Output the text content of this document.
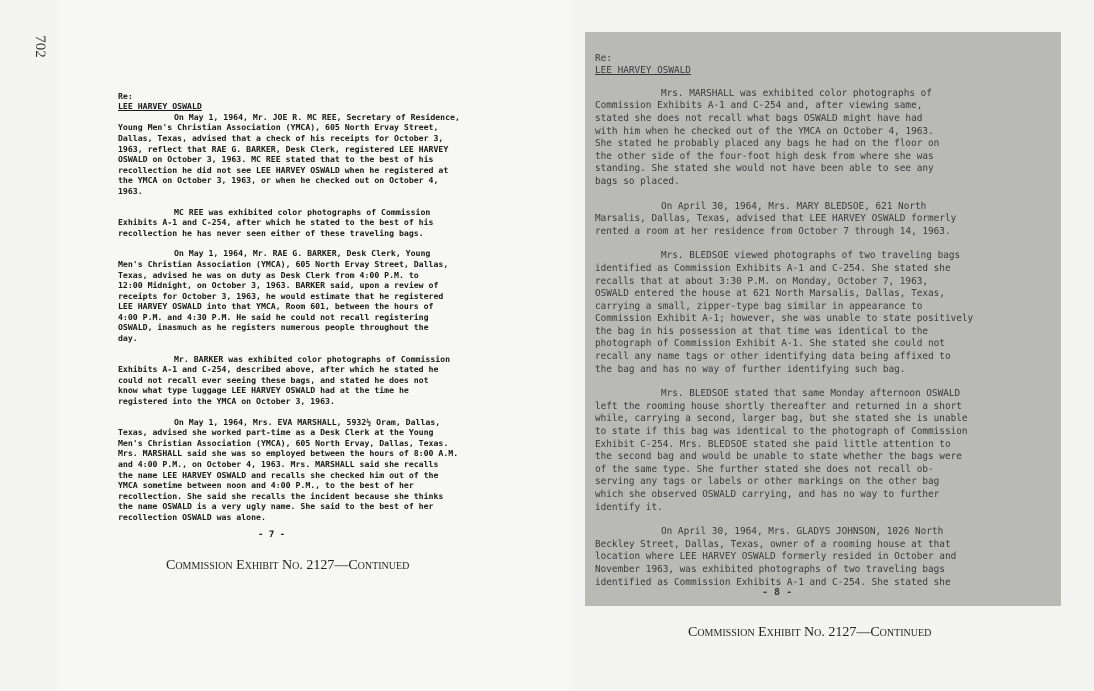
702

Re:
LEE HARVEY OSWALD

On May 1, 1964, Mr. JOE R. MC REE, Secretary of Residence,
Young Men's Christian Association (YMCA), 605 North Ervay Street,
Dallas, Texas, advised that a check of his receipts for October 3,
1963, reflect that RAE G. BARKER, Desk Clerk, registered LEE HARVEY
OSWALD on October 3, 1963. MC REE stated that to the best of his
recollection he did not see LEE HARVEY OSWALD when he registered at
the YMCA on October 3, 1963, or when he checked out on October 4,
1963.

MC REE was exhibited color photographs of Commission
Exhibits A-1 and C-254, after which he stated to the best of his
recollection he has never seen either of these traveling bags.

On May 1, 1964, Mr. RAE G. BARKER, Desk Clerk, Young
Men's Christian Association (YMCA), 605 North Ervay Street, Dallas,
Texas, advised he was on duty as Desk Clerk from 4:00 P.M. to
12:00 Midnight, on October 3, 1963. BARKER said, upon a review of
receipts for October 3, 1963, he would estimate that he registered
LEE HARVEY OSWALD into that YMCA, Room 601, between the hours of
4:00 P.M. and 4:30 P.M. He said he could not recall registering
OSWALD, inasmuch as he registers numerous people throughout the
day.

Mr. BARKER was exhibited color photographs of Commission
Exhibits A-1 and C-254, described above, after which he stated he
could not recall ever seeing these bags, and stated he does not
know what type luggage LEE HARVEY OSWALD had at the time he
registered into the YMCA on October 3, 1963.

On May 1, 1964, Mrs. EVA MARSHALL, 5932½ Oram, Dallas,
Texas, advised she worked part-time as a Desk Clerk at the Young
Men's Christian Association (YMCA), 605 North Ervay, Dallas, Texas.
Mrs. MARSHALL said she was so employed between the hours of 8:00 A.M.
and 4:00 P.M., on October 4, 1963. Mrs. MARSHALL said she recalls
the name LEE HARVEY OSWALD and recalls she checked him out of the
YMCA sometime between noon and 4:00 P.M., to the best of her
recollection. She said she recalls the incident because she thinks
the name OSWALD is a very ugly name. She said to the best of her
recollection OSWALD was alone.

- 7 -
Commission Exhibit No. 2127—Continued

Re:
LEE HARVEY OSWALD

Mrs. MARSHALL was exhibited color photographs of
Commission Exhibits A-1 and C-254 and, after viewing same,
stated she does not recall what bags OSWALD might have had
with him when he checked out of the YMCA on October 4, 1963.
She stated he probably placed any bags he had on the floor on
the other side of the four-foot high desk from where she was
standing. She stated she would not have been able to see any
bags so placed.

On April 30, 1964, Mrs. MARY BLEDSOE, 621 North
Marsalis, Dallas, Texas, advised that LEE HARVEY OSWALD formerly
rented a room at her residence from October 7 through 14, 1963.

Mrs. BLEDSOE viewed photographs of two traveling bags
identified as Commission Exhibits A-1 and C-254. She stated she
recalls that at about 3:30 P.M. on Monday, October 7, 1963,
OSWALD entered the house at 621 North Marsalis, Dallas, Texas,
carrying a small, zipper-type bag similar in appearance to
Commission Exhibit A-1; however, she was unable to state positively
the bag in his possession at that time was identical to the
photograph of Commission Exhibit A-1. She stated she could not
recall any name tags or other identifying data being affixed to
the bag and has no way of further identifying such bag.

Mrs. BLEDSOE stated that same Monday afternoon OSWALD
left the rooming house shortly thereafter and returned in a short
while, carrying a second, larger bag, but she stated she is unable
to state if this bag was identical to the photograph of Commission
Exhibit C-254. Mrs. BLEDSOE stated she paid little attention to
the second bag and would be unable to state whether the bags were
of the same type. She further stated she does not recall ob-
serving any tags or labels or other markings on the other bag
which she observed OSWALD carrying, and has no way to further
identify it.

On April 30, 1964, Mrs. GLADYS JOHNSON, 1026 North
Beckley Street, Dallas, Texas, owner of a rooming house at that
location where LEE HARVEY OSWALD formerly resided in October and
November 1963, was exhibited photographs of two traveling bags
identified as Commission Exhibits A-1 and C-254. She stated she

- 8 -
Commission Exhibit No. 2127—Continued
